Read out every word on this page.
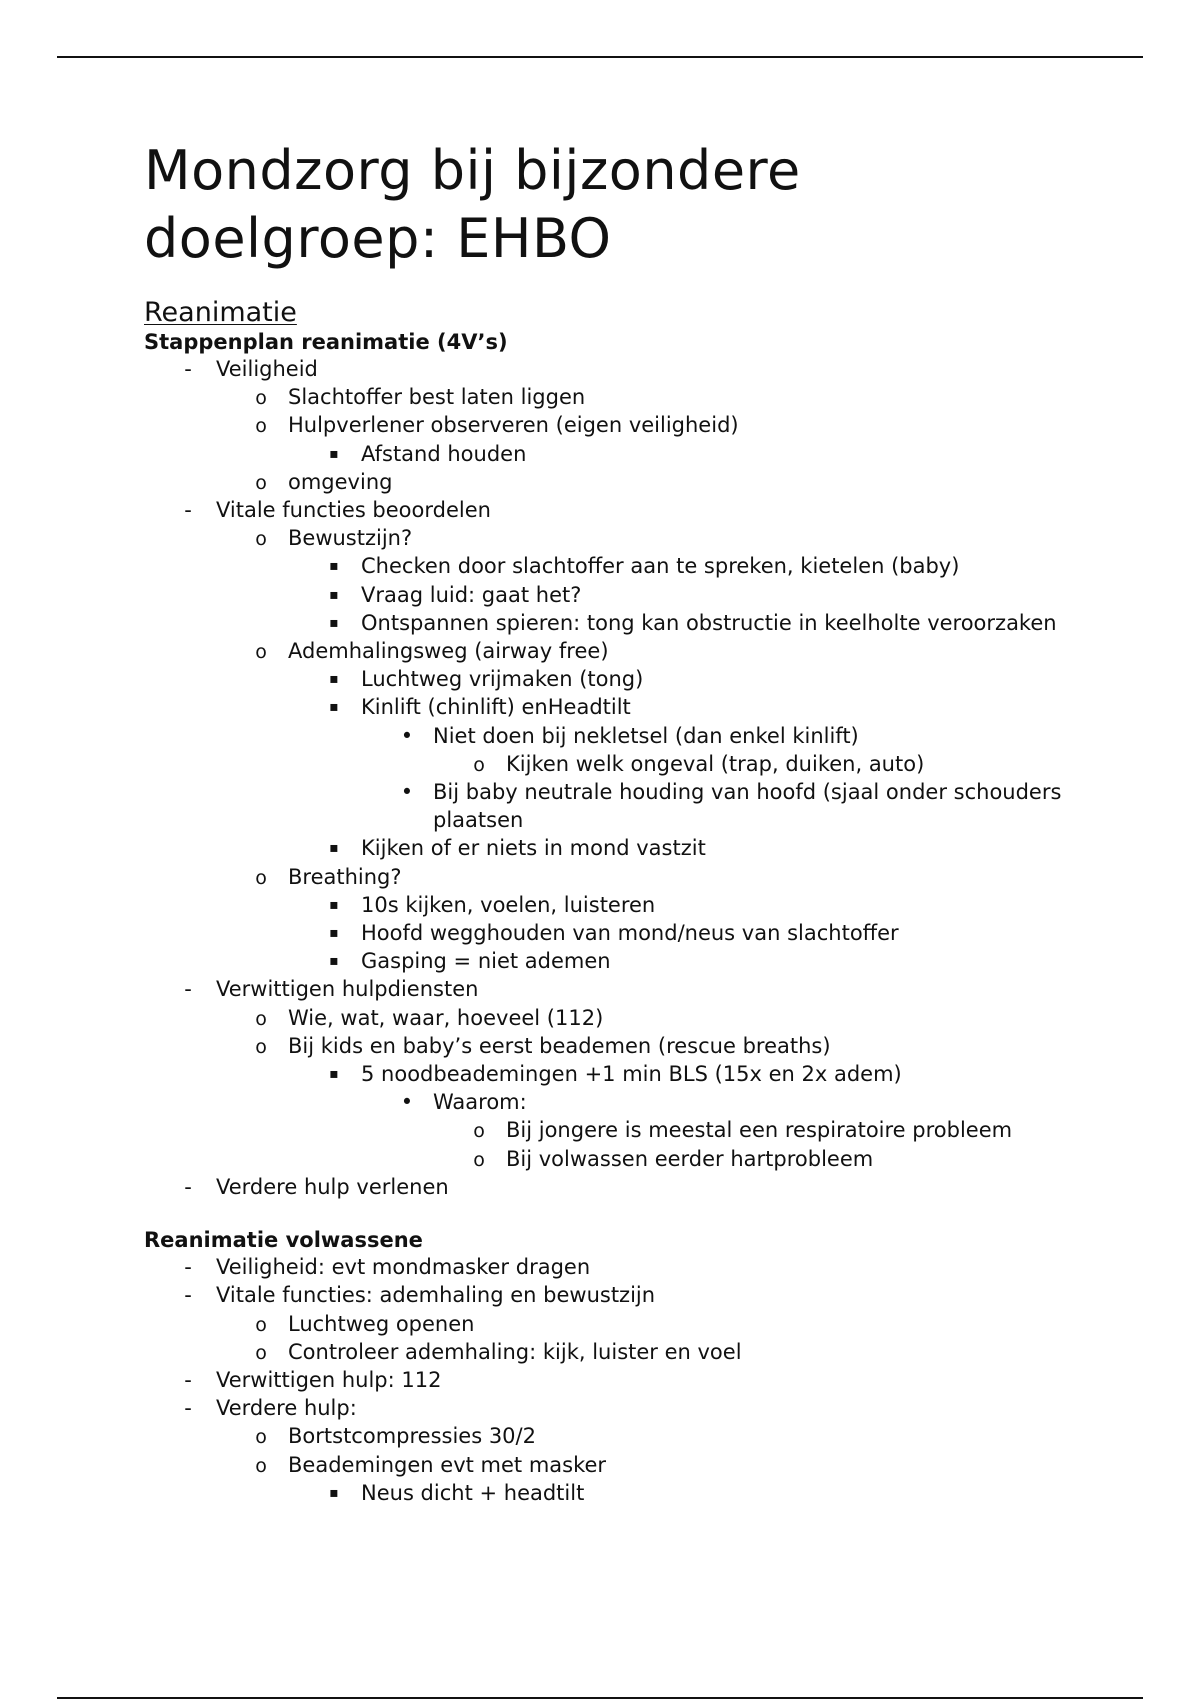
Mondzorg bij bijzondere
doelgroep: EHBO
Reanimatie
Stappenplan reanimatie (4V’s)
-
Veiligheid
o
Slachtoffer best laten liggen
o
Hulpverlener observeren (eigen veiligheid)
▪
Afstand houden
o
omgeving
-
Vitale functies beoordelen
o
Bewustzijn?
▪
Checken door slachtoffer aan te spreken, kietelen (baby)
▪
Vraag luid: gaat het?
▪
Ontspannen spieren: tong kan obstructie in keelholte veroorzaken
o
Ademhalingsweg (airway free)
▪
Luchtweg vrijmaken (tong)
▪
Kinlift (chinlift) enHeadtilt
•
Niet doen bij nekletsel (dan enkel kinlift)
o
Kijken welk ongeval (trap, duiken, auto)
•
Bij baby neutrale houding van hoofd (sjaal onder schouders plaatsen
▪
Kijken of er niets in mond vastzit
o
Breathing?
▪
10s kijken, voelen, luisteren
▪
Hoofd wegghouden van mond/neus van slachtoffer
▪
Gasping = niet ademen
-
Verwittigen hulpdiensten
o
Wie, wat, waar, hoeveel (112)
o
Bij kids en baby’s eerst beademen (rescue breaths)
▪
5 noodbeademingen +1 min BLS (15x en 2x adem)
•
Waarom:
o
Bij jongere is meestal een respiratoire probleem
o
Bij volwassen eerder hartprobleem
-
Verdere hulp verlenen
Reanimatie volwassene
-
Veiligheid: evt mondmasker dragen
-
Vitale functies: ademhaling en bewustzijn
o
Luchtweg openen
o
Controleer ademhaling: kijk, luister en voel
-
Verwittigen hulp: 112
-
Verdere hulp:
o
Bortstcompressies 30/2
o
Beademingen evt met masker
▪
Neus dicht + headtilt
